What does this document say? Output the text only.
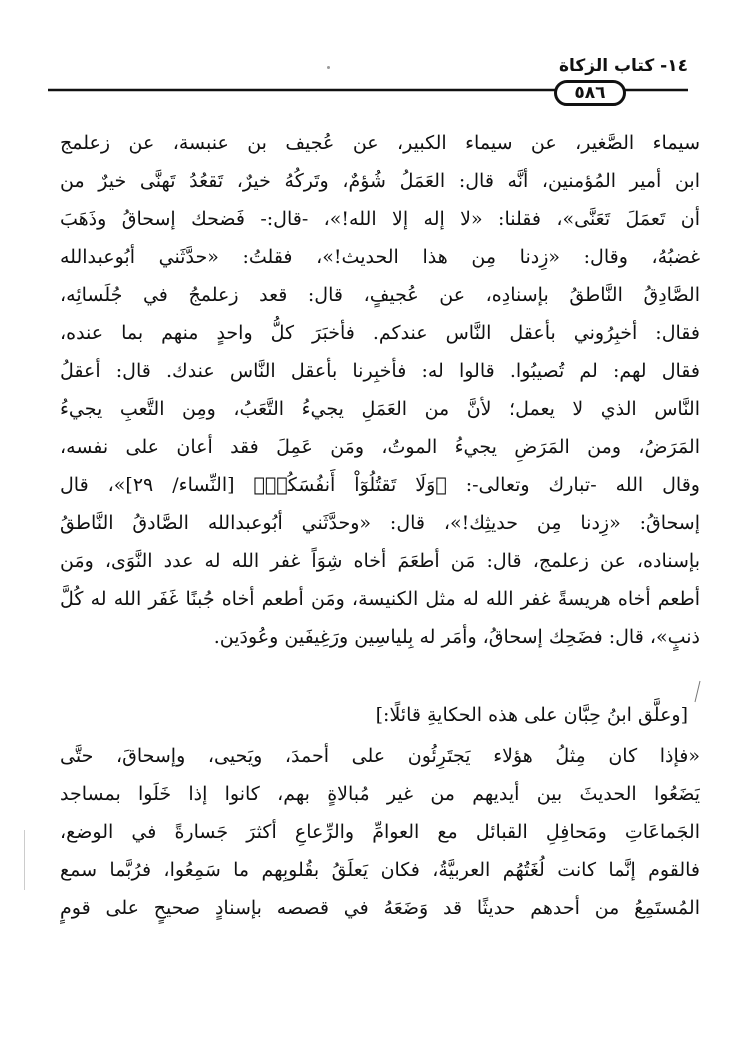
١٤- كتاب الزكاة
٥٨٦

سيماء الصَّغير، عن سيماء الكبير، عن عُجيف بن عنبسة، عن زعلمج
ابن أمير المُؤمنين، أنَّه قال: العَمَلُ شُؤمٌ، وتَركُهُ خيرٌ، تَقعُدُ تَهنَّى خيرٌ من
أن تَعمَلَ تَعَنَّى»، فقلنا: «لا إله إلا الله!»، -قال:- فَضحك إسحاقُ وذَهَبَ
غضبُهُ، وقال: «زِدنا مِن هذا الحديث!»، فقلتُ: «حدَّثَني أبُوعبدالله
الصَّادِقُ النَّاطقُ بإسنادِه، عن عُجيفٍ، قال: قعد زعلمجُ في جُلَسائِه،
فقال: أخبِرُوني بأعقل النَّاس عندكم. فأخبَرَ كلُّ واحدٍ منهم بما عنده،
فقال لهم: لم تُصيبُوا. قالوا له: فأخبِرنا بأعقل النَّاس عندك. قال: أعقلُ
النَّاس الذي لا يعمل؛ لأنَّ من العَمَلِ يجيءُ التَّعَبُ، ومِن التَّعبِ يجيءُ
المَرَضُ، ومن المَرَضِ يجيءُ الموتُ، ومَن عَمِلَ فقد أعان على نفسه،
وقال الله -تبارك وتعالى-: ﴿وَلَا تَقتُلُوٓاْ أَنفُسَكُمۡ﴾ [النِّساء/ ٢٩]»، قال
إسحاقُ: «زِدنا مِن حديثِك!»، قال: «وحدَّثَني أبُوعبدالله الصَّادقُ النَّاطقُ
بإسناده، عن زعلمج، قال: مَن أطعَمَ أخاه شِوَاً غفر الله له عدد النَّوَى، ومَن
أطعم أخاه هريسةً غفر الله له مثل الكنيسة، ومَن أطعم أخاه جُبنًا غَفَر الله له كُلَّ
ذنبٍ»، قال: فضَحِك إسحاقُ، وأمَر له بِلياسِين ورَغِيفَين وعُودَين.

[وعلَّق ابنُ حِبَّان على هذه الحكايةِ قائلًا:]

«فإذا كان مِثلُ هؤلاء يَجتَرِئُون على أحمدَ، ويَحيى، وإسحاقَ، حتَّى
يَضَعُوا الحديثَ بين أيديهم من غير مُبالاةٍ بهم، كانوا إذا خَلَوا بمساجد
الجَماعَاتِ ومَحافِلِ القبائل مع العوامِّ والرِّعاعِ أكثرَ جَسارةً في الوضع،
فالقوم إنَّما كانت لُغَتُهُم العربيَّةُ، فكان يَعلَقُ بقُلوبِهم ما سَمِعُوا، فرُبَّما سمع
المُستَمِعُ من أحدهم حديثًا قد وَضَعَهُ في قصصه بإسنادٍ صحيحٍ على قومٍ
